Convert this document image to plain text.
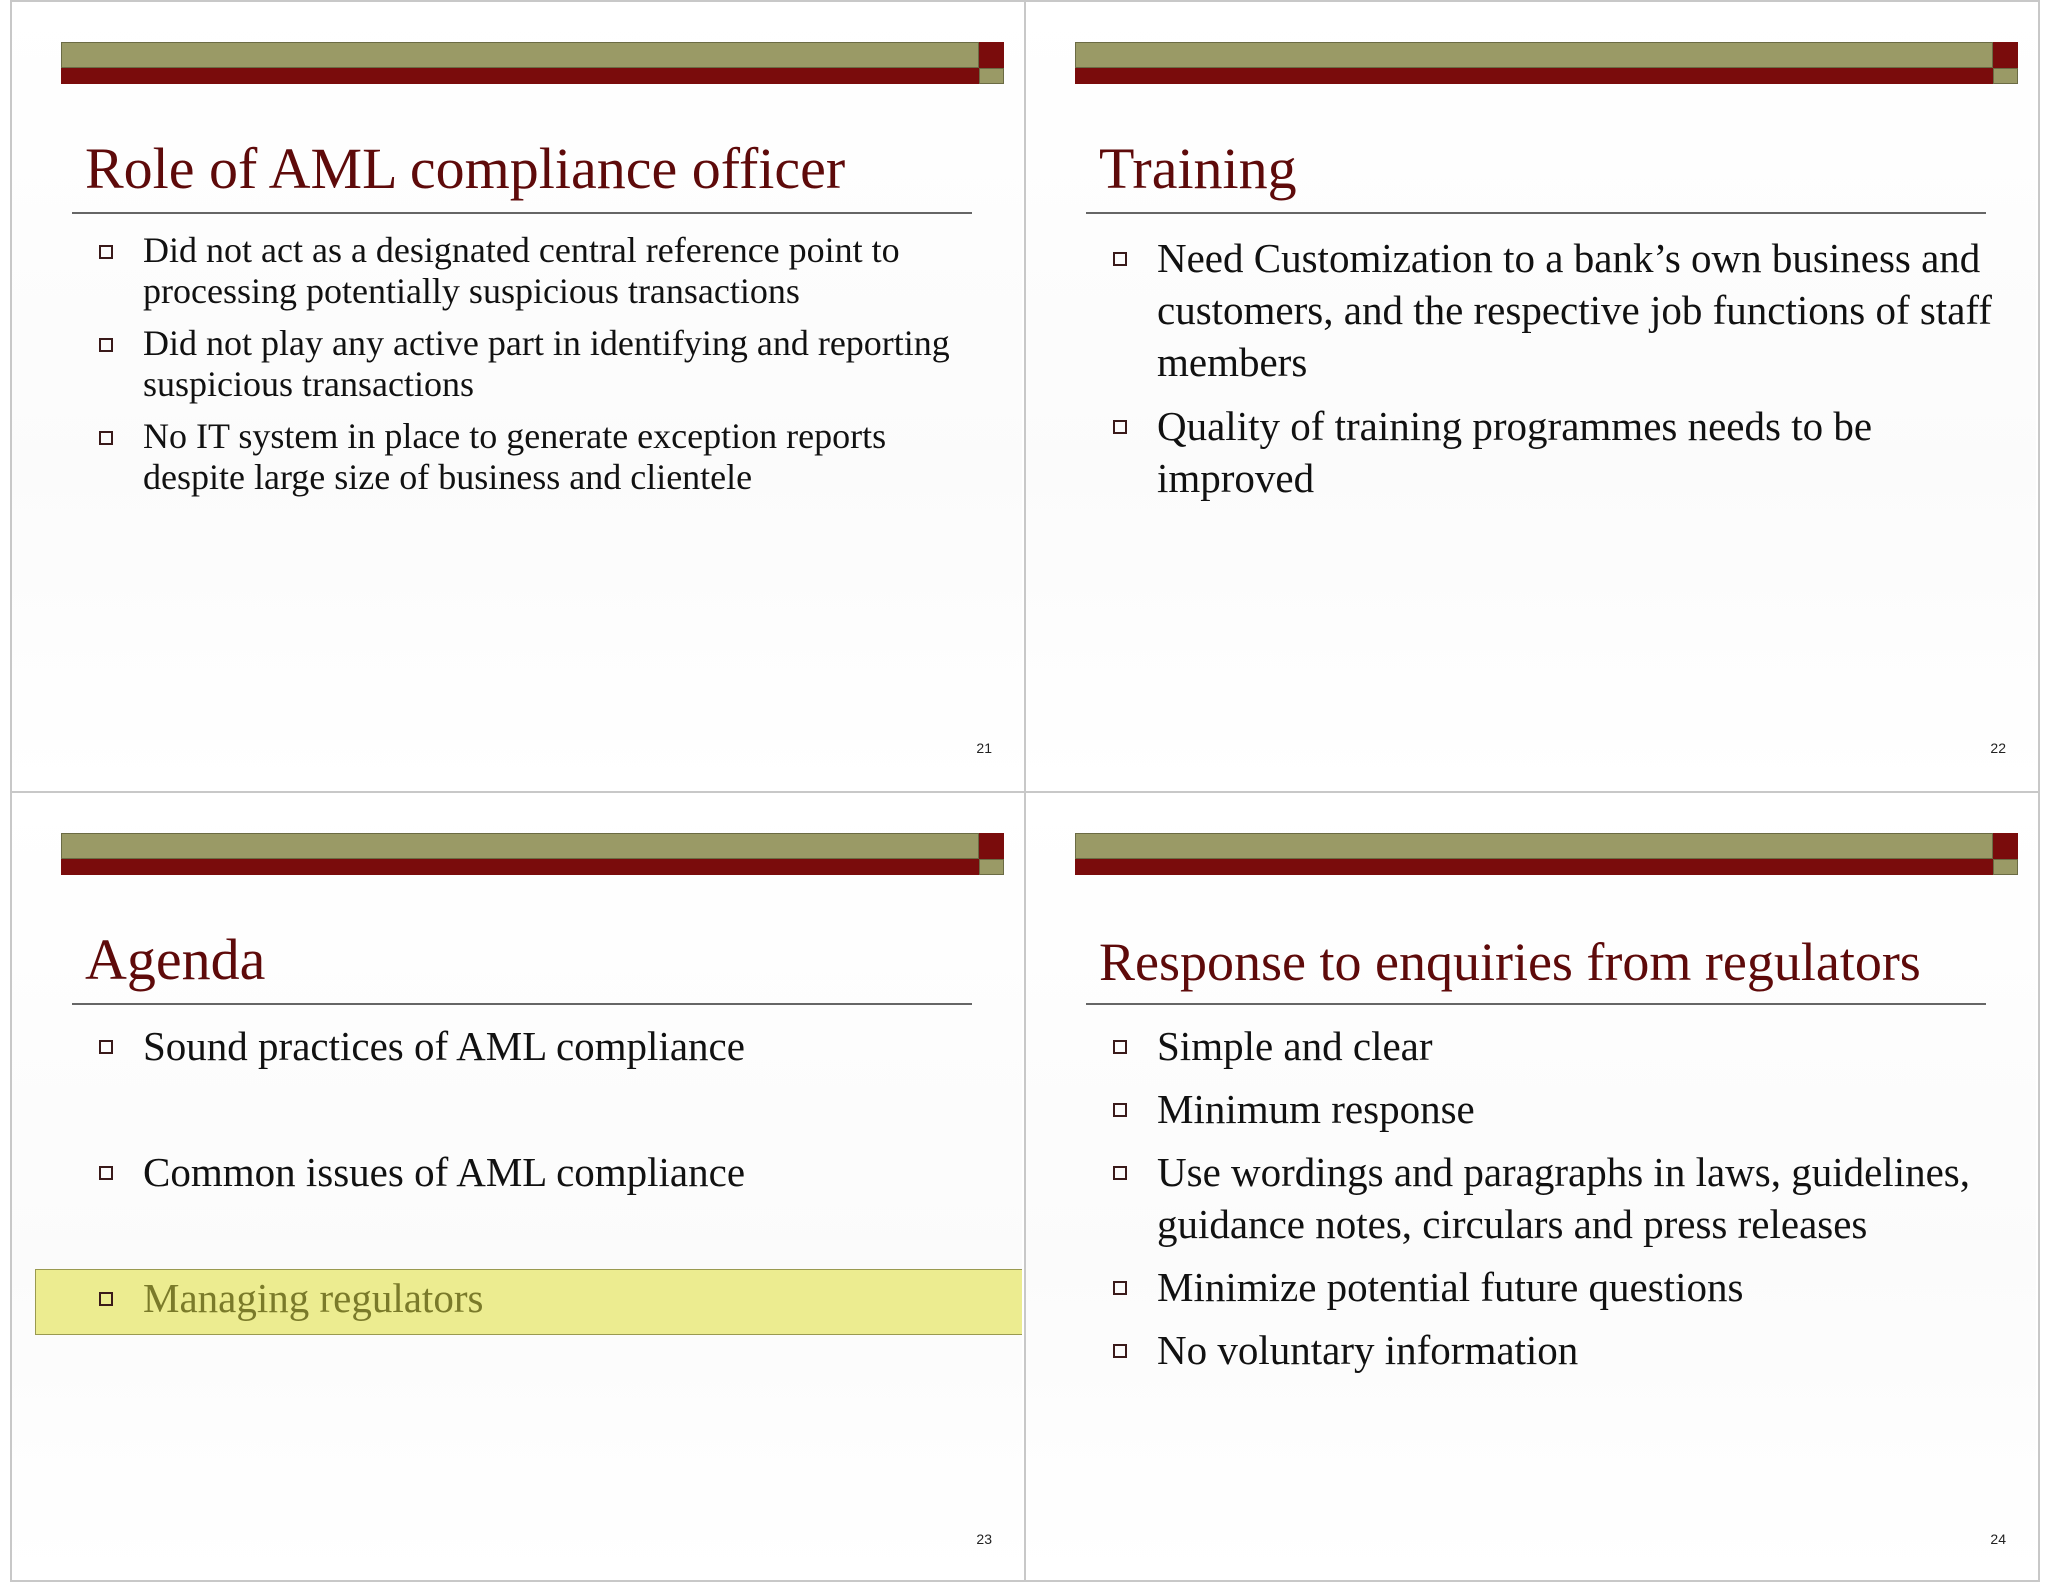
Role of AML compliance officer
Did not act as a designated central reference point to processing potentially suspicious transactions
Did not play any active part in identifying and reporting suspicious transactions
No IT system in place to generate exception reports despite large size of business and clientele
21
Training
Need Customization to a bank’s own business and customers, and the respective job functions of staff members
Quality of training programmes needs to be improved
22
Agenda
Sound practices of AML compliance
Common issues of AML compliance
Managing regulators
23
Response to enquiries from regulators
Simple and clear
Minimum response
Use wordings and paragraphs in laws, guidelines, guidance notes, circulars and press releases
Minimize potential future questions
No voluntary information
24
